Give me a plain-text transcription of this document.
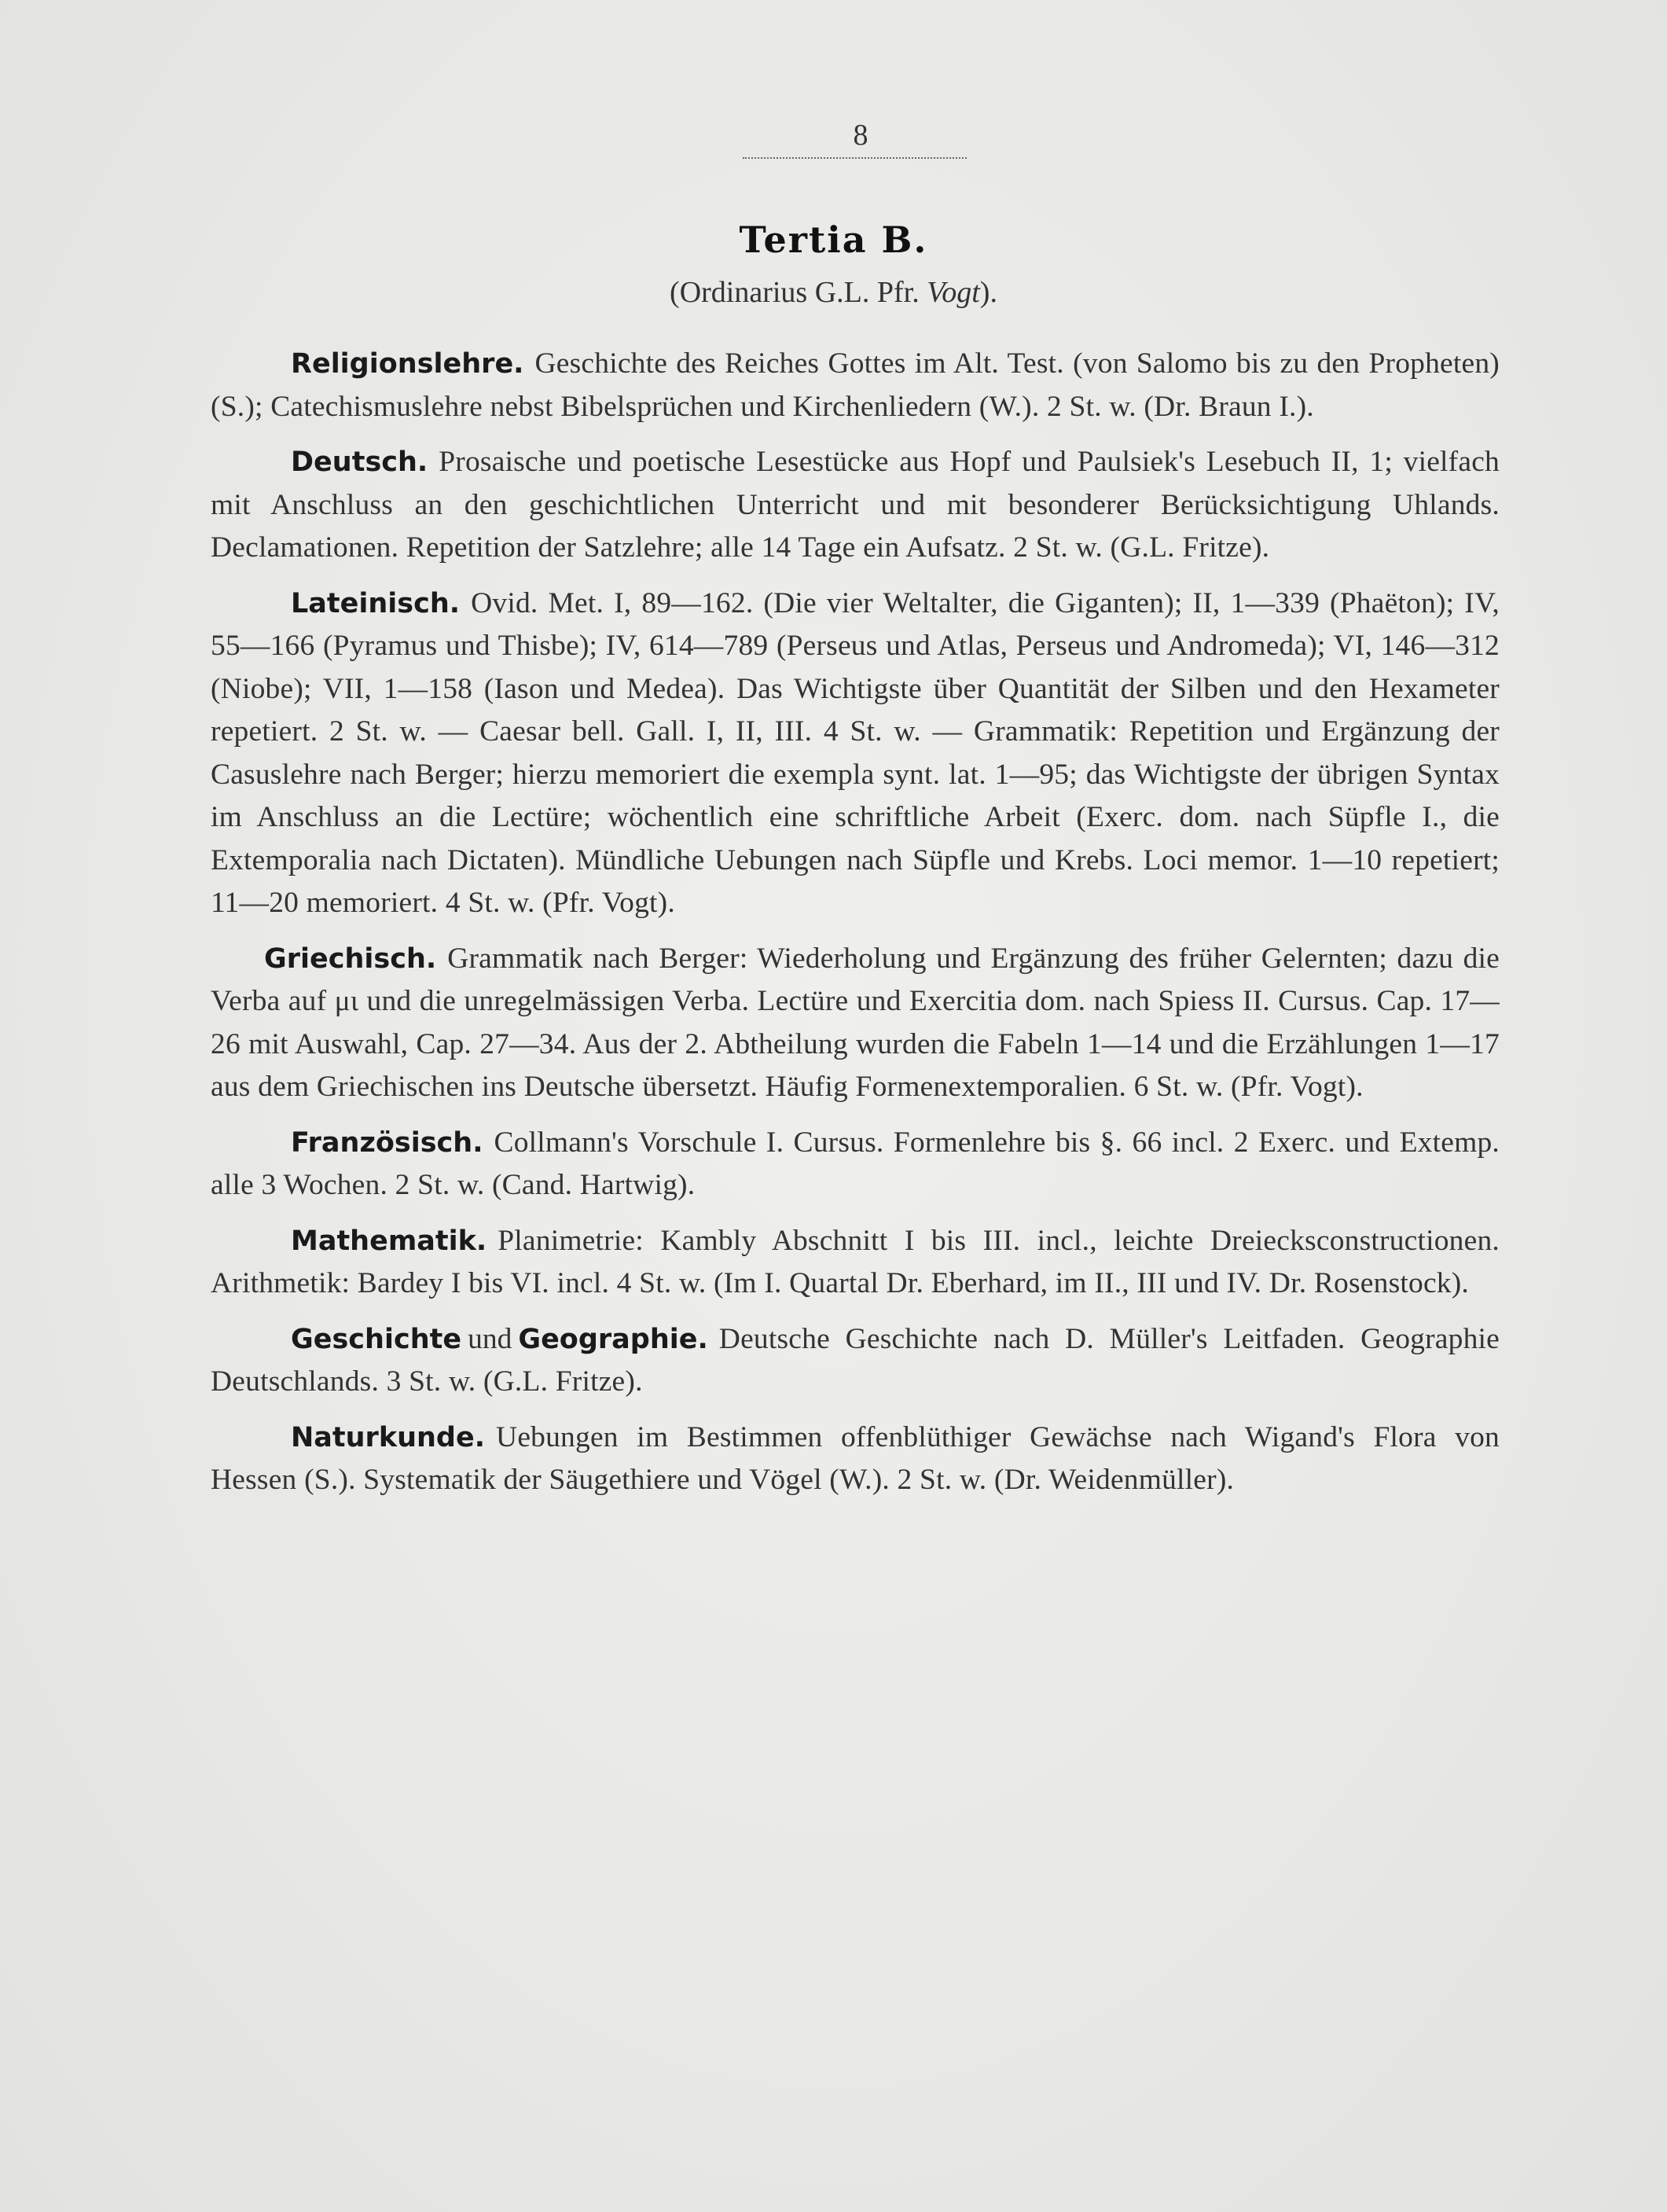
8
Tertia B.
(Ordinarius G.L. Pfr. Vogt).

Religionslehre. Geschichte des Reiches Gottes im Alt. Test. (von Salomo bis zu den Propheten) (S.); Catechismuslehre nebst Bibelsprüchen und Kirchenliedern (W.). 2 St. w. (Dr. Braun I.).

Deutsch. Prosaische und poetische Lesestücke aus Hopf und Paulsiek's Lesebuch II, 1; vielfach mit Anschluss an den geschichtlichen Unterricht und mit besonderer Berücksichtigung Uhlands. Declamationen. Repetition der Satzlehre; alle 14 Tage ein Aufsatz. 2 St. w. (G.L. Fritze).

Lateinisch. Ovid. Met. I, 89—162. (Die vier Weltalter, die Giganten); II, 1—339 (Phaëton); IV, 55—166 (Pyramus und Thisbe); IV, 614—789 (Perseus und Atlas, Perseus und Andromeda); VI, 146—312 (Niobe); VII, 1—158 (Iason und Medea). Das Wichtigste über Quantität der Silben und den Hexameter repetiert. 2 St. w. — Caesar bell. Gall. I, II, III. 4 St. w. — Grammatik: Repetition und Ergänzung der Casuslehre nach Berger; hierzu memoriert die exempla synt. lat. 1—95; das Wichtigste der übrigen Syntax im Anschluss an die Lectüre; wöchentlich eine schriftliche Arbeit (Exerc. dom. nach Süpfle I., die Extemporalia nach Dictaten). Mündliche Uebungen nach Süpfle und Krebs. Loci memor. 1—10 repetiert; 11—20 memoriert. 4 St. w. (Pfr. Vogt).

Griechisch. Grammatik nach Berger: Wiederholung und Ergänzung des früher Gelernten; dazu die Verba auf μι und die unregelmässigen Verba. Lectüre und Exercitia dom. nach Spiess II. Cursus. Cap. 17—26 mit Auswahl, Cap. 27—34. Aus der 2. Abtheilung wurden die Fabeln 1—14 und die Erzählungen 1—17 aus dem Griechischen ins Deutsche übersetzt. Häufig Formenextemporalien. 6 St. w. (Pfr. Vogt).

Französisch. Collmann's Vorschule I. Cursus. Formenlehre bis §. 66 incl. 2 Exerc. und Extemp. alle 3 Wochen. 2 St. w. (Cand. Hartwig).

Mathematik. Planimetrie: Kambly Abschnitt I bis III. incl., leichte Dreiecksconstructionen. Arithmetik: Bardey I bis VI. incl. 4 St. w. (Im I. Quartal Dr. Eberhard, im II., III und IV. Dr. Rosenstock).

Geschichte und Geographie. Deutsche Geschichte nach D. Müller's Leitfaden. Geographie Deutschlands. 3 St. w. (G.L. Fritze).

Naturkunde. Uebungen im Bestimmen offenblüthiger Gewächse nach Wigand's Flora von Hessen (S.). Systematik der Säugethiere und Vögel (W.). 2 St. w. (Dr. Weidenmüller).
